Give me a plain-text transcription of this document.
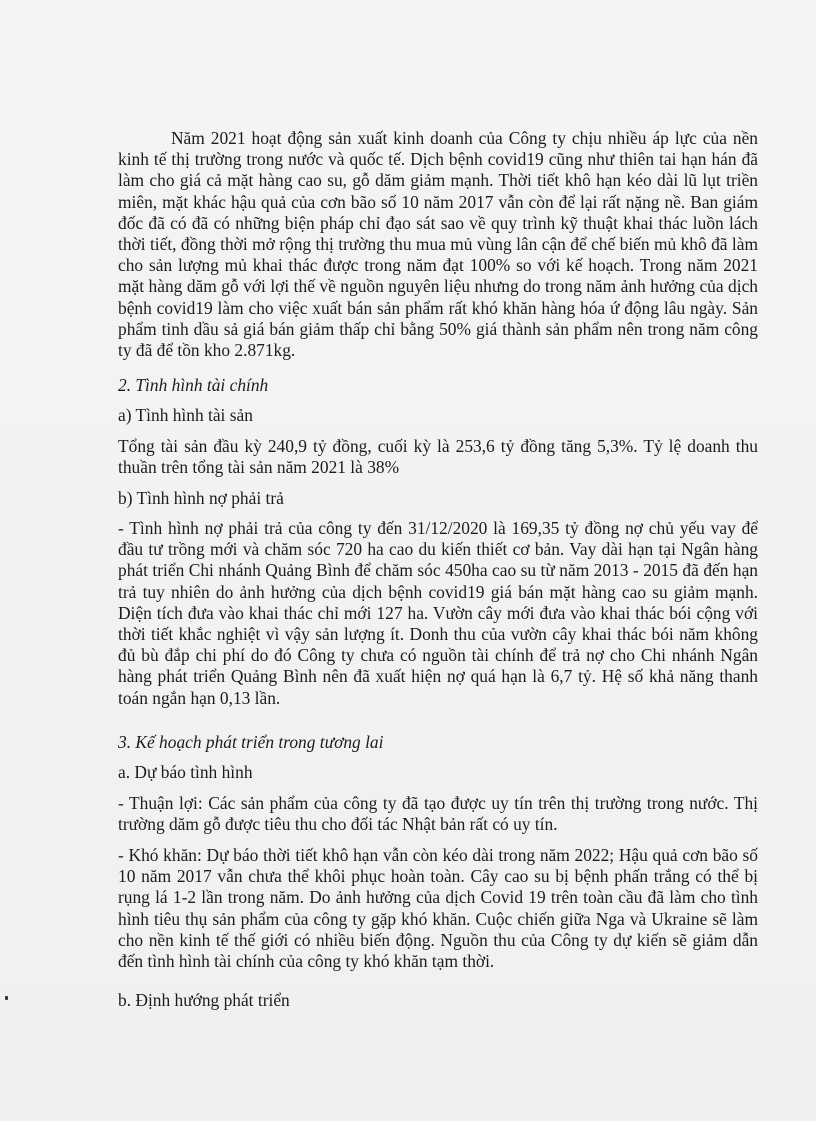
Năm 2021 hoạt động sản xuất kinh doanh của Công ty chịu nhiều áp lực của nền kinh tế thị trường trong nước và quốc tế. Dịch bệnh covid19 cũng như thiên tai hạn hán đã làm cho giá cả mặt hàng cao su, gỗ dăm giảm mạnh. Thời tiết khô hạn kéo dài lũ lụt triền miên, mặt khác hậu quả của cơn bão số 10 năm 2017 vẫn còn để lại rất nặng nề. Ban giám đốc đã có đã có những biện pháp chỉ đạo sát sao về quy trình kỹ thuật khai thác luồn lách thời tiết, đồng thời mở rộng thị trường thu mua mủ vùng lân cận để chế biến mủ khô đã làm cho sản lượng mủ khai thác được trong năm đạt 100% so với kế hoạch. Trong năm 2021 mặt hàng dăm gỗ với lợi thế về nguồn nguyên liệu nhưng do trong năm ảnh hưởng của dịch bệnh covid19 làm cho việc xuất bán sản phẩm rất khó khăn hàng hóa ứ động lâu ngày. Sản phẩm tinh dầu sả giá bán giảm thấp chỉ bằng 50% giá thành sản phẩm nên trong năm công ty đã để tồn kho 2.871kg.

2. Tình hình tài chính

a) Tình hình tài sản

Tổng tài sản đầu kỳ 240,9 tỷ đồng, cuối kỳ là 253,6 tỷ đồng tăng 5,3%. Tỷ lệ doanh thu thuần trên tổng tài sản năm 2021 là 38%

b) Tình hình nợ phải trả

- Tình hình nợ phải trả của công ty đến 31/12/2020 là 169,35 tỷ đồng nợ chủ yếu vay để đầu tư trồng mới và chăm sóc 720 ha cao du kiến thiết cơ bản. Vay dài hạn tại Ngân hàng phát triển Chi nhánh Quảng Bình để chăm sóc 450ha cao su từ năm 2013 - 2015 đã đến hạn trả tuy nhiên do ảnh hưởng của dịch bệnh covid19 giá bán mặt hàng cao su giảm mạnh. Diện tích đưa vào khai thác chỉ mới 127 ha. Vườn cây mới đưa vào khai thác bói cộng với thời tiết khắc nghiệt vì vậy sản lượng ít. Donh thu của vườn cây khai thác bói năm không đủ bù đắp chi phí do đó Công ty chưa có nguồn tài chính để trả nợ cho Chi nhánh Ngân hàng phát triển Quảng Bình nên đã xuất hiện nợ quá hạn là 6,7 tỷ. Hệ số khả năng thanh toán ngắn hạn 0,13 lần.

3. Kế hoạch phát triển trong tương lai

a. Dự báo tình hình

- Thuận lợi: Các sản phẩm của công ty đã tạo được uy tín trên thị trường trong nước. Thị trường dăm gỗ được tiêu thu cho đối tác Nhật bản rất có uy tín.

- Khó khăn: Dự báo thời tiết khô hạn vẫn còn kéo dài trong năm 2022; Hậu quả cơn bão số 10 năm 2017 vẫn chưa thể khôi phục hoàn toàn. Cây cao su bị bệnh phấn trắng có thể bị rụng lá 1-2 lần trong năm. Do ảnh hưởng của dịch Covid 19 trên toàn cầu đã làm cho tình hình tiêu thụ sản phẩm của công ty gặp khó khăn. Cuộc chiến giữa Nga và Ukraine sẽ làm cho nền kinh tế thế giới có nhiều biến động. Nguồn thu của Công ty dự kiến sẽ giảm dẫn đến tình hình tài chính của công ty khó khăn tạm thời.

b. Định hướng phát triển
